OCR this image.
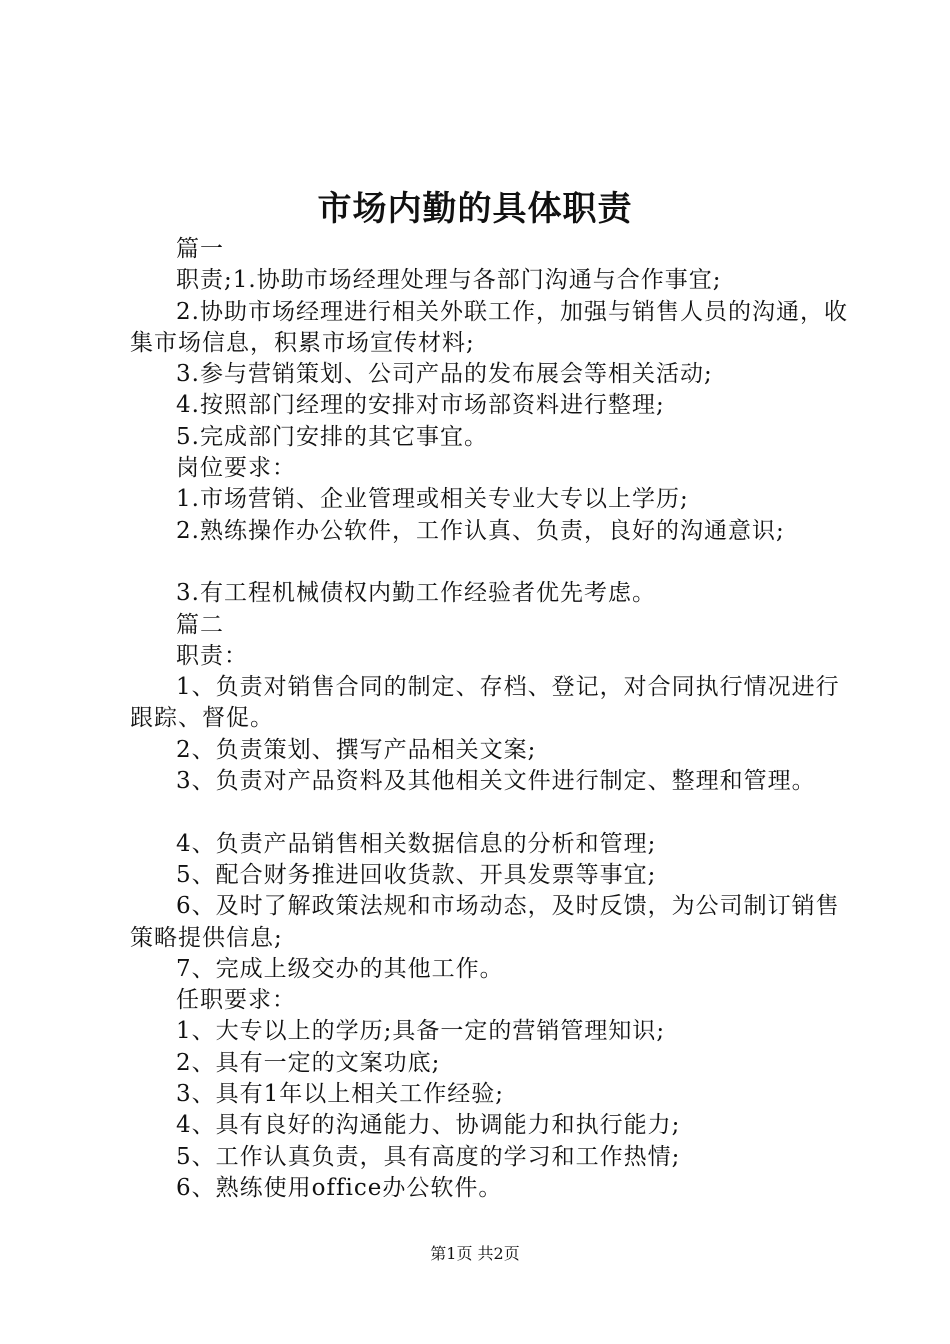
市场内勤的具体职责

篇一

职责;1.协助市场经理处理与各部门沟通与合作事宜;

2.协助市场经理进行相关外联工作，加强与销售人员的沟通，收集市场信息，积累市场宣传材料;

3.参与营销策划、公司产品的发布展会等相关活动;

4.按照部门经理的安排对市场部资料进行整理;

5.完成部门安排的其它事宜。

岗位要求：

1.市场营销、企业管理或相关专业大专以上学历;

2.熟练操作办公软件，工作认真、负责，良好的沟通意识;

3.有工程机械债权内勤工作经验者优先考虑。

篇二

职责：

1、负责对销售合同的制定、存档、登记，对合同执行情况进行跟踪、督促。

2、负责策划、撰写产品相关文案;

3、负责对产品资料及其他相关文件进行制定、整理和管理。

4、负责产品销售相关数据信息的分析和管理;

5、配合财务推进回收货款、开具发票等事宜;

6、及时了解政策法规和市场动态，及时反馈，为公司制订销售策略提供信息;

7、完成上级交办的其他工作。

任职要求：

1、大专以上的学历;具备一定的营销管理知识;

2、具有一定的文案功底;

3、具有1年以上相关工作经验;

4、具有良好的沟通能力、协调能力和执行能力;

5、工作认真负责，具有高度的学习和工作热情;

6、熟练使用office办公软件。

第1页 共2页
